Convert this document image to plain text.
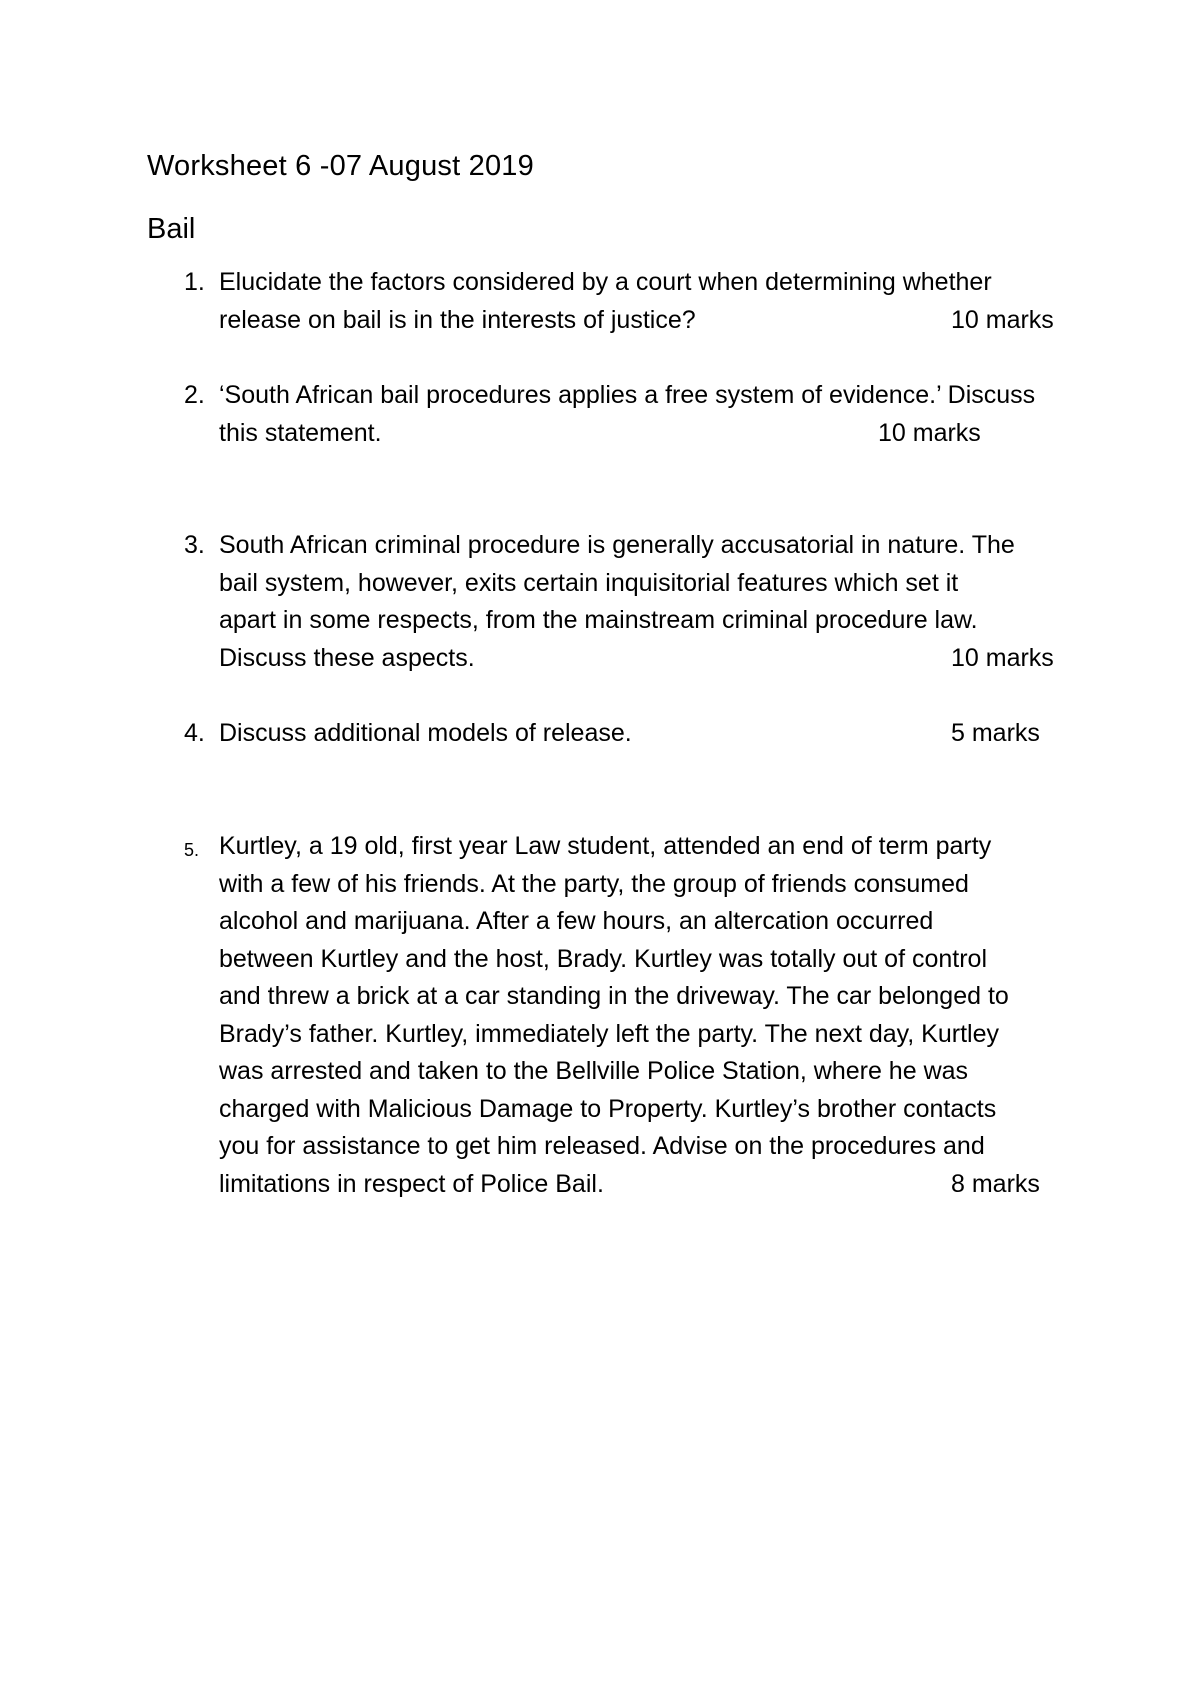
Worksheet 6 -07 August 2019
Bail
1. Elucidate the factors considered by a court when determining whether
release on bail is in the interests of justice?	10 marks
2. ‘South African bail procedures applies a free system of evidence.’ Discuss
this statement.	10 marks
3. South African criminal procedure is generally accusatorial in nature. The
bail system, however, exits certain inquisitorial features which set it
apart in some respects, from the mainstream criminal procedure law.
Discuss these aspects.	10 marks
4. Discuss additional models of release.	5 marks
5. Kurtley, a 19 old, first year Law student, attended an end of term party
with a few of his friends. At the party, the group of friends consumed
alcohol and marijuana. After a few hours, an altercation occurred
between Kurtley and the host, Brady. Kurtley was totally out of control
and threw a brick at a car standing in the driveway. The car belonged to
Brady’s father. Kurtley, immediately left the party. The next day, Kurtley
was arrested and taken to the Bellville Police Station, where he was
charged with Malicious Damage to Property. Kurtley’s brother contacts
you for assistance to get him released. Advise on the procedures and
limitations in respect of Police Bail.	8 marks
